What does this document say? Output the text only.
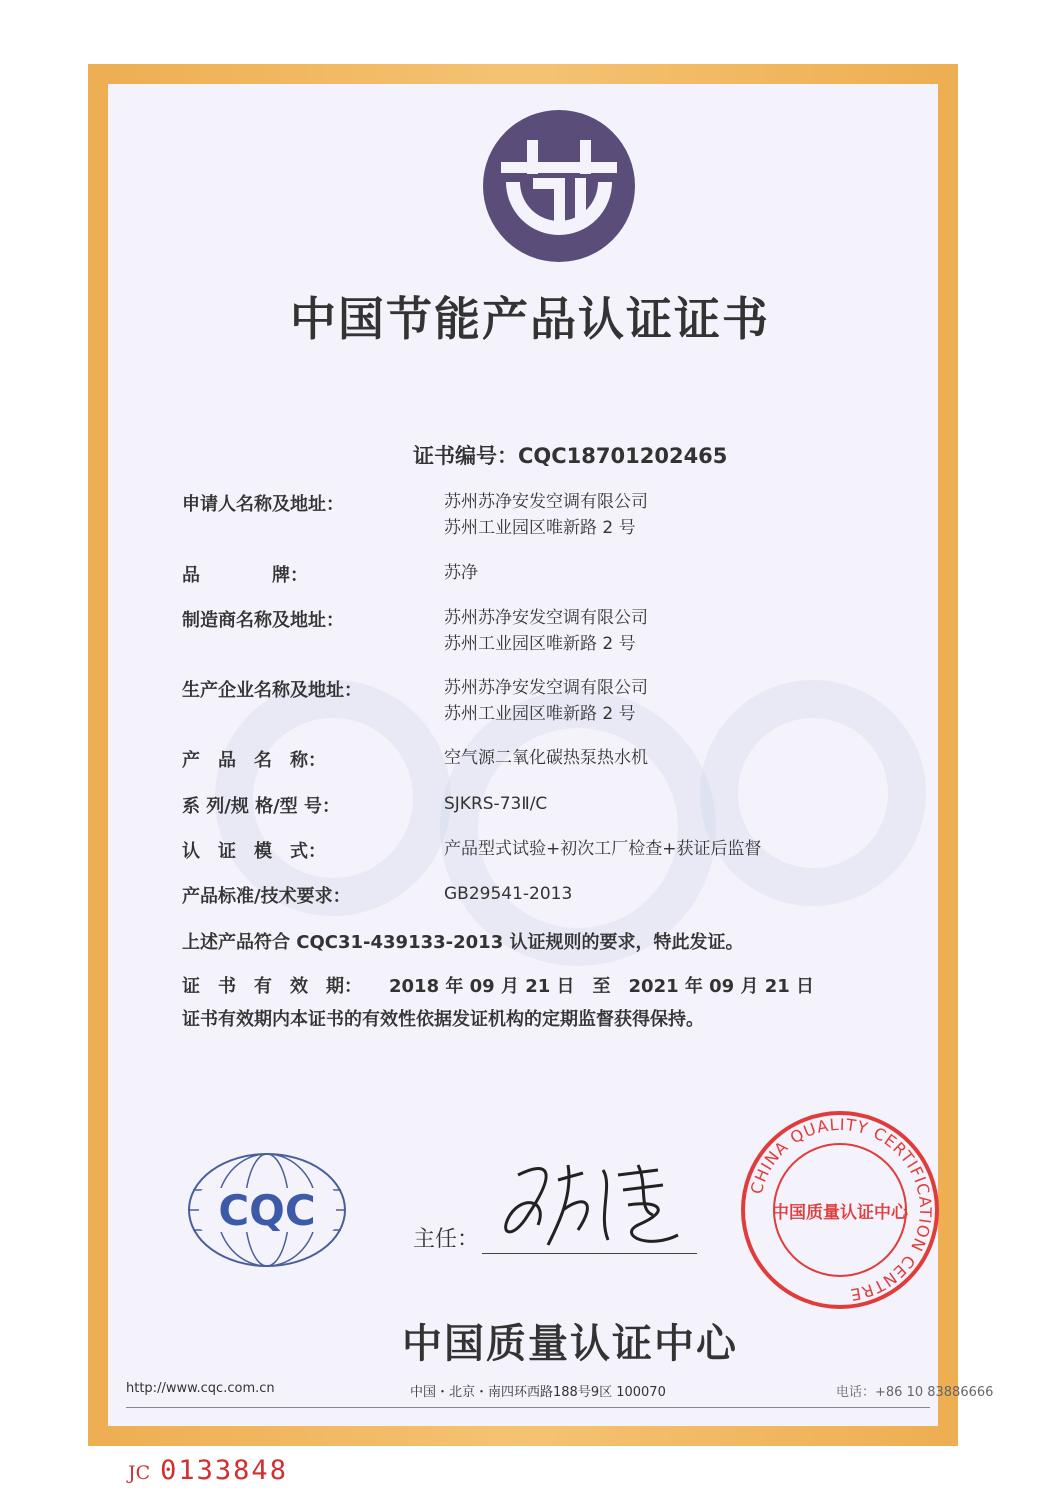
中国节能产品认证证书
证书编号：CQC18701202465
申请人名称及地址：	苏州苏净安发空调有限公司
苏州工业园区唯新路 2 号
品　　　　牌：	苏净
制造商名称及地址：	苏州苏净安发空调有限公司
苏州工业园区唯新路 2 号
生产企业名称及地址：	苏州苏净安发空调有限公司
苏州工业园区唯新路 2 号
产　品　名　称：	空气源二氧化碳热泵热水机
系 列/规 格/型 号：	SJKRS-73Ⅱ/C
认　证　模　式：	产品型式试验+初次工厂检查+获证后监督
产品标准/技术要求：	GB29541-2013
上述产品符合 CQC31-439133-2013 认证规则的要求，特此发证。
证　书　有　效　期：　　2018 年 09 月 21 日　至　2021 年 09 月 21 日
证书有效期内本证书的有效性依据发证机构的定期监督获得保持。
CQC
主任：
CHINA QUALITY CERTIFICATION CENTRE
中国质量认证中心
中国质量认证中心
http://www.cqc.com.cn	中国・北京・南四环西路188号9区 100070	电话：+86 10 83886666
JC 0133848
